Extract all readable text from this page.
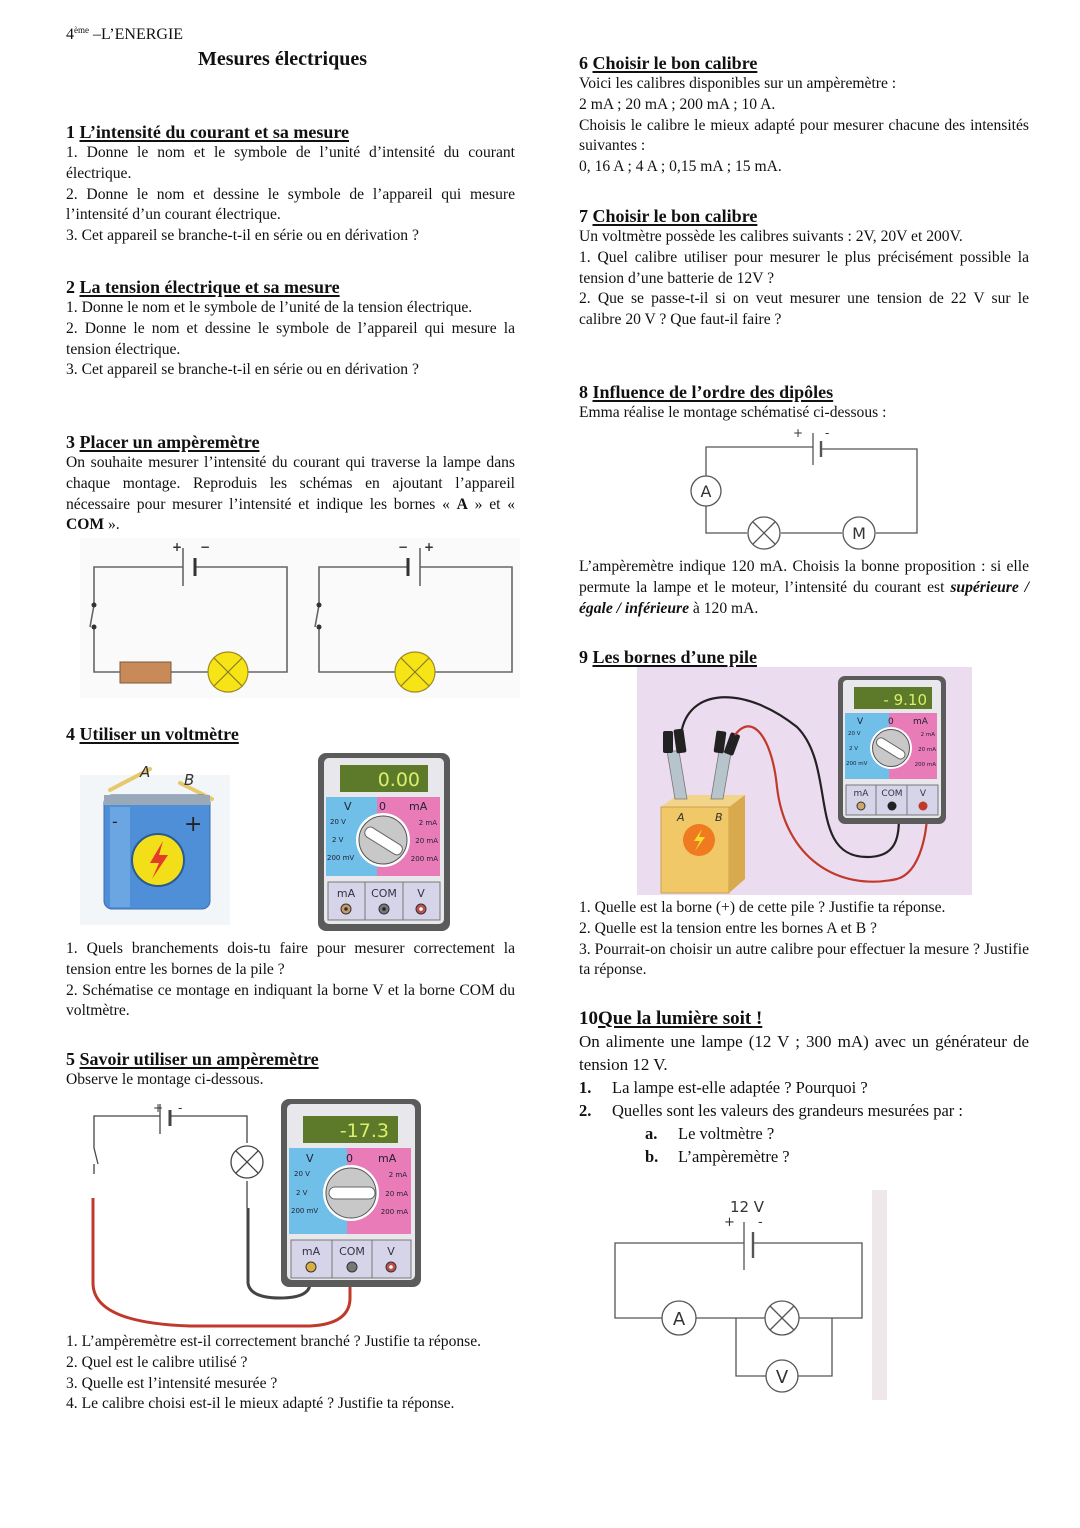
4ème –L’ENERGIE
Mesures électriques

1 L’intensité du courant et sa mesure

1. Donne le nom et le symbole de l’unité d’intensité du courant électrique.

2. Donne le nom et dessine le symbole de l’appareil qui mesure l’intensité d’un courant électrique.

3. Cet appareil se branche-t-il en série ou en dérivation ?

2 La tension électrique et sa mesure

1. Donne le nom et le symbole de l’unité de la tension électrique.

2. Donne le nom et dessine le symbole de l’appareil qui mesure la tension électrique.

3. Cet appareil se branche-t-il en série ou en dérivation ?

3 Placer un ampèremètre

On souhaite mesurer l’intensité du courant qui traverse la lampe dans chaque montage. Reproduis les schémas en ajoutant l’appareil nécessaire pour mesurer l’intensité et indique les bornes « A » et « COM ».

+ −	− +

4 Utiliser un voltmètre

A B
-	+
0.00
V 0 mA
20 V
2 V
200 mV
2 mA
20 mA
200 mA
mA COM V

1. Quels branchements dois-tu faire pour mesurer correctement la tension entre les bornes de la pile ?

2. Schématise ce montage en indiquant la borne V et la borne COM du voltmètre.

5 Savoir utiliser un ampèremètre

Observe le montage ci-dessous.

+ -
-17.3
V	0 mA
20 V
2 V
200 mV
2 mA
20 mA
200 mA
mA COM V

1. L’ampèremètre est-il correctement branché ? Justifie ta réponse.

2. Quel est le calibre utilisé ?

3. Quelle est l’intensité mesurée ?

4. Le calibre choisi est-il le mieux adapté ? Justifie ta réponse.

6 Choisir le bon calibre

Voici les calibres disponibles sur un ampèremètre :

2 mA ; 20 mA ; 200 mA ; 10 A.

Choisis le calibre le mieux adapté pour mesurer chacune des intensités suivantes :

0, 16 A ; 4 A ; 0,15 mA ; 15 mA.

7 Choisir le bon calibre

Un voltmètre possède les calibres suivants : 2V, 20V et 200V.

1. Quel calibre utiliser pour mesurer le plus précisément possible la tension d’une batterie de 12V ?

2. Que se passe-t-il si on veut mesurer une tension de 22 V sur le calibre 20 V ? Que faut-il faire ?

8 Influence de l’ordre des dipôles

Emma réalise le montage schématisé ci-dessous :

+ -
A
M

L’ampèremètre indique 120 mA. Choisis la bonne proposition : si elle permute la lampe et le moteur, l’intensité du courant est supérieure / égale / inférieure à 120 mA.

9 Les bornes d’une pile

A	B
- 9.10
V	0 mA
20 V
2 V
200 mV
2 mA
20 mA
200 mA
mA COM V

1. Quelle est la borne (+) de cette pile ? Justifie ta réponse.

2. Quelle est la tension entre les bornes A et B ?

3. Pourrait-on choisir un autre calibre pour effectuer la mesure ? Justifie ta réponse.

10Que la lumière soit !

On alimente une lampe (12 V ; 300 mA) avec un générateur de tension 12 V.

1. La lampe est-elle adaptée ? Pourquoi ?
2. Quelles sont les valeurs des grandeurs mesurées par :
a. Le voltmètre ?
b. L’ampèremètre ?
12 V
+ -
A
V
